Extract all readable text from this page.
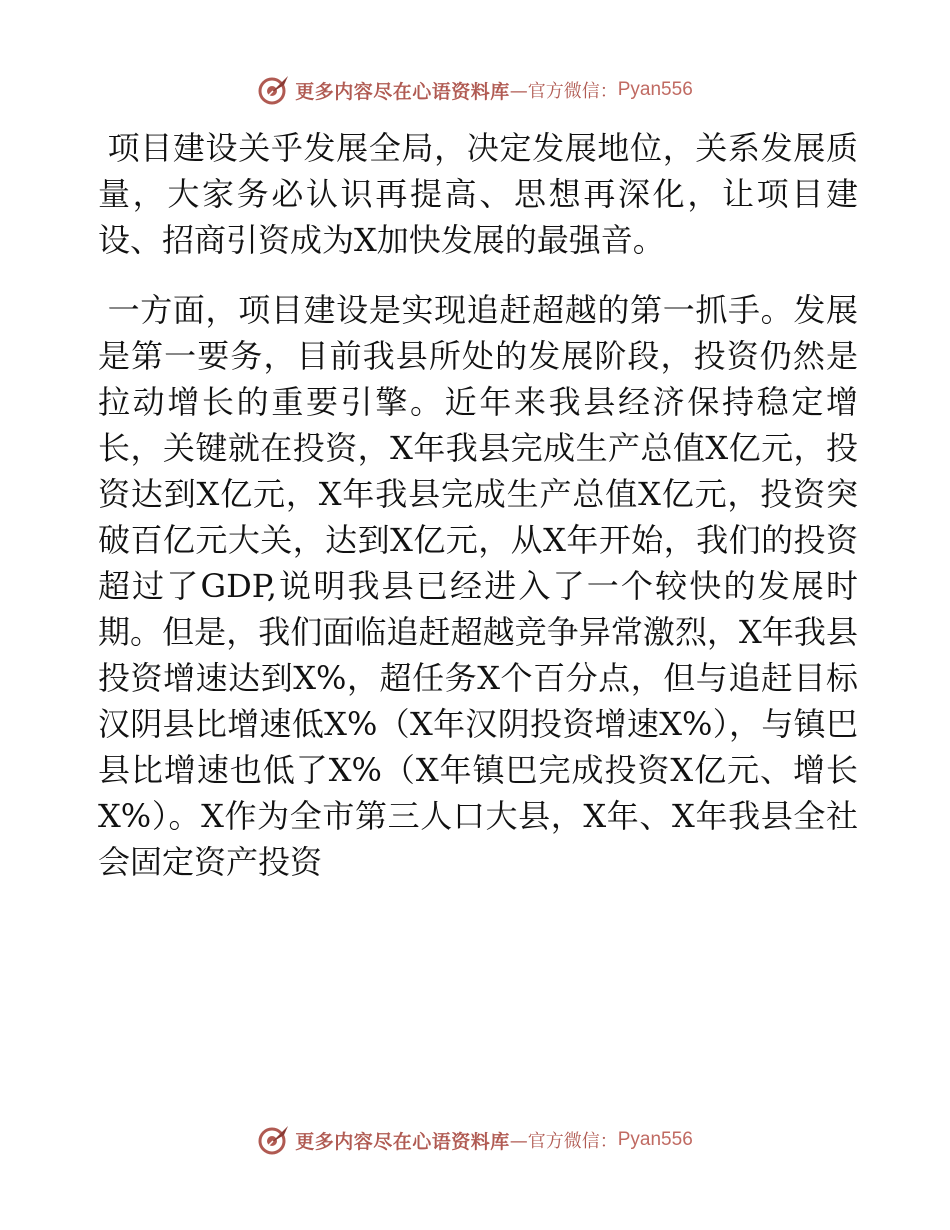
更多内容尽在心语资料库 —官方微信： Pyan556

项目建设关乎发展全局，决定发展地位，关系发展质量，大家务必认识再提高、思想再深化，让项目建设、招商引资成为X加快发展的最强音。

一方面，项目建设是实现追赶超越的第一抓手。发展是第一要务，目前我县所处的发展阶段，投资仍然是拉动增长的重要引擎。近年来我县经济保持稳定增长，关键就在投资，X年我县完成生产总值X亿元，投资达到X亿元，X年我县完成生产总值X亿元，投资突破百亿元大关，达到X亿元，从X年开始，我们的投资超过了GDP,说明我县已经进入了一个较快的发展时期。但是，我们面临追赶超越竞争异常激烈，X年我县投资增速达到X%，超任务X个百分点，但与追赶目标汉阴县比增速低X%（X年汉阴投资增速X%），与镇巴县比增速也低了X%（X年镇巴完成投资X亿元、增长X%）。X作为全市第三人口大县，X年、X年我县全社会固定资产投资

更多内容尽在心语资料库 —官方微信： Pyan556
